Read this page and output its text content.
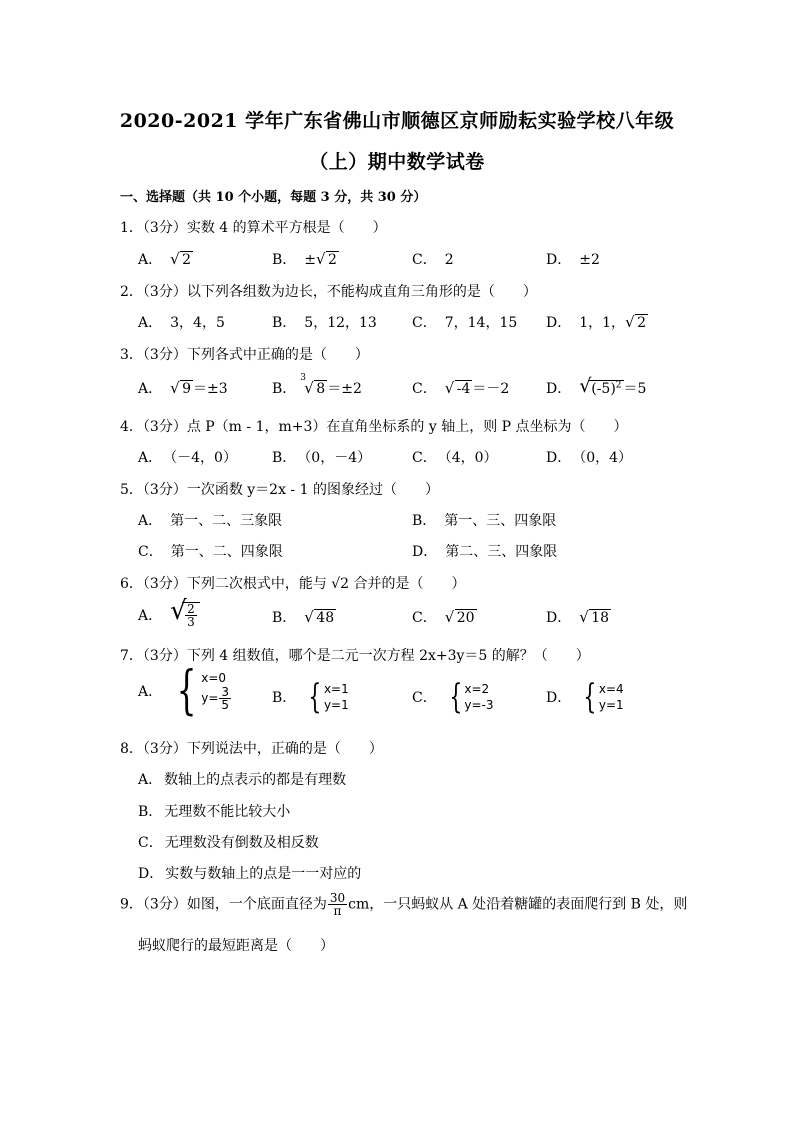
2020-2021 学年广东省佛山市顺德区京师励耘实验学校八年级
（上）期中数学试卷
一、选择题（共 10 个小题，每题 3 分，共 30 分）
1．（3分）实数 4 的算术平方根是（　　）
A． √ 2	B． ± √ 2	C． 2	D． ±2
2．（3分）以下列各组数为边长，不能构成直角三角形的是（　　）
A． 3，4，5	B． 5，12，13	C． 7，14，15 D． 1，1， √ 2
3．（3分）下列各式中正确的是（　　）
A． √ 9 ＝±3	B．
3
√ 8 ＝±2	C． √ -4 ＝－2	D． √ $(-5)^2 =5$
4．（3分）点 P（m - 1，m+3）在直角坐标系的 y 轴上，则 P 点坐标为（　　）
A． （－4，0）	B． （0，－4）	C． （4，0）	D． （0，4）
5．（3分）一次函数 y＝2x - 1 的图象经过（　　）
A． 第一、二、三象限	B． 第一、三、四象限
C． 第一、二、四象限	D． 第二、三、四象限
6．（3分）下列二次根式中，能与 √2 合并的是（　　）
A． √
$\frac{2}{3}$	B． √ 48	C． √ 20	D． √ 18
7．（3分）下列 4 组数值，哪个是二元一次方程 2x+3y＝5 的解？（　　）
A． { x=0
$y= \frac{3}{5}$	B． { x=1
y=1	C． { x=2
y=-3	D． { x=4
y=1
8．（3分）下列说法中，正确的是（　　）
A． 数轴上的点表示的都是有理数
B． 无理数不能比较大小
C． 无理数没有倒数及相反数
D． 实数与数轴上的点是一一对应的
9．（3分）如图，一个底面直径为 $\frac{30}{\pi}$ cm，一只蚂蚁从 A 处沿着糖罐的表面爬行到 B 处，则
蚂蚁爬行的最短距离是（　　）
